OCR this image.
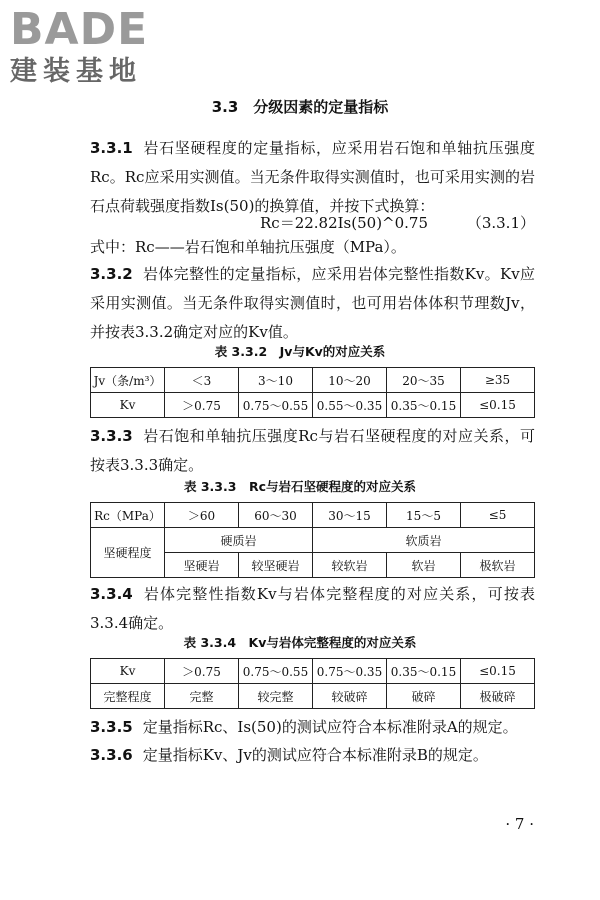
BADE
建装基地
3.3　分级因素的定量指标
3.3.1 岩石坚硬程度的定量指标，应采用岩石饱和单轴抗压强度Rc。Rc应采用实测值。当无条件取得实测值时，也可采用实测的岩石点荷载强度指数Is(50)的换算值，并按下式换算：
Rc＝22.82Is(50)^0.75	（3.3.1）
式中：Rc——岩石饱和单轴抗压强度（MPa）。
3.3.2 岩体完整性的定量指标，应采用岩体完整性指数Kv。Kv应采用实测值。当无条件取得实测值时，也可用岩体体积节理数Jv，并按表3.3.2确定对应的Kv值。
表 3.3.2　Jv与Kv的对应关系
Jv（条/m³）	＜3	3～10	10～20	20～35	≥35
Kv	＞0.75	0.75～0.55	0.55～0.35	0.35～0.15	≤0.15
3.3.3 岩石饱和单轴抗压强度Rc与岩石坚硬程度的对应关系，可按表3.3.3确定。
表 3.3.3　Rc与岩石坚硬程度的对应关系
Rc（MPa）	＞60	60～30	30～15	15～5	≤5
坚硬程度	硬质岩		软质岩		
	坚硬岩	较坚硬岩	较软岩	软岩	极软岩
3.3.4 岩体完整性指数Kv与岩体完整程度的对应关系，可按表3.3.4确定。
表 3.3.4　Kv与岩体完整程度的对应关系
Kv	＞0.75	0.75～0.55	0.75～0.35	0.35～0.15	≤0.15
完整程度	完整	较完整	较破碎	破碎	极破碎
3.3.5 定量指标Rc、Is(50)的测试应符合本标准附录A的规定。
3.3.6 定量指标Kv、Jv的测试应符合本标准附录B的规定。
· 7 ·
